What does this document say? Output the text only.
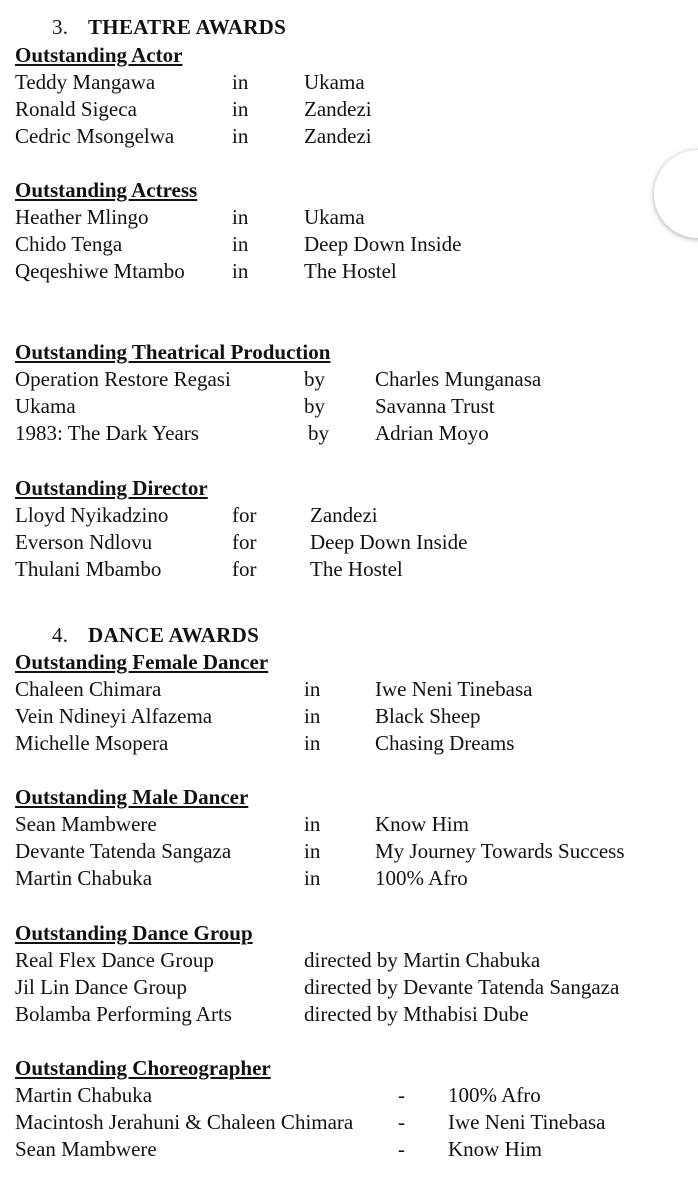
3. THEATRE AWARDS
Outstanding Actor
Teddy Mangawa	in	Ukama
Ronald Sigeca	in	Zandezi
Cedric Msongelwa	in	Zandezi
Outstanding Actress
Heather Mlingo	in	Ukama
Chido Tenga	in	Deep Down Inside
Qeqeshiwe Mtambo in	The Hostel
Outstanding Theatrical Production
Operation Restore Regasi	by Charles Munganasa
Ukama	by Savanna Trust
1983: The Dark Years	by Adrian Moyo
Outstanding Director
Lloyd Nyikadzino	for	Zandezi
Everson Ndlovu	for	Deep Down Inside
Thulani Mbambo	for	The Hostel
4. DANCE AWARDS
Outstanding Female Dancer
Chaleen Chimara	in	Iwe Neni Tinebasa
Vein Ndineyi Alfazema	in	Black Sheep
Michelle Msopera	in	Chasing Dreams
Outstanding Male Dancer
Sean Mambwere	in	Know Him
Devante Tatenda Sangaza	in	My Journey Towards Success
Martin Chabuka	in	100% Afro
Outstanding Dance Group
Real Flex Dance Group	directed by Martin Chabuka
Jil Lin Dance Group	directed by Devante Tatenda Sangaza
Bolamba Performing Arts	directed by Mthabisi Dube
Outstanding Choreographer
Martin Chabuka	- 100% Afro
Macintosh Jerahuni & Chaleen Chimara - Iwe Neni Tinebasa
Sean Mambwere	- Know Him
